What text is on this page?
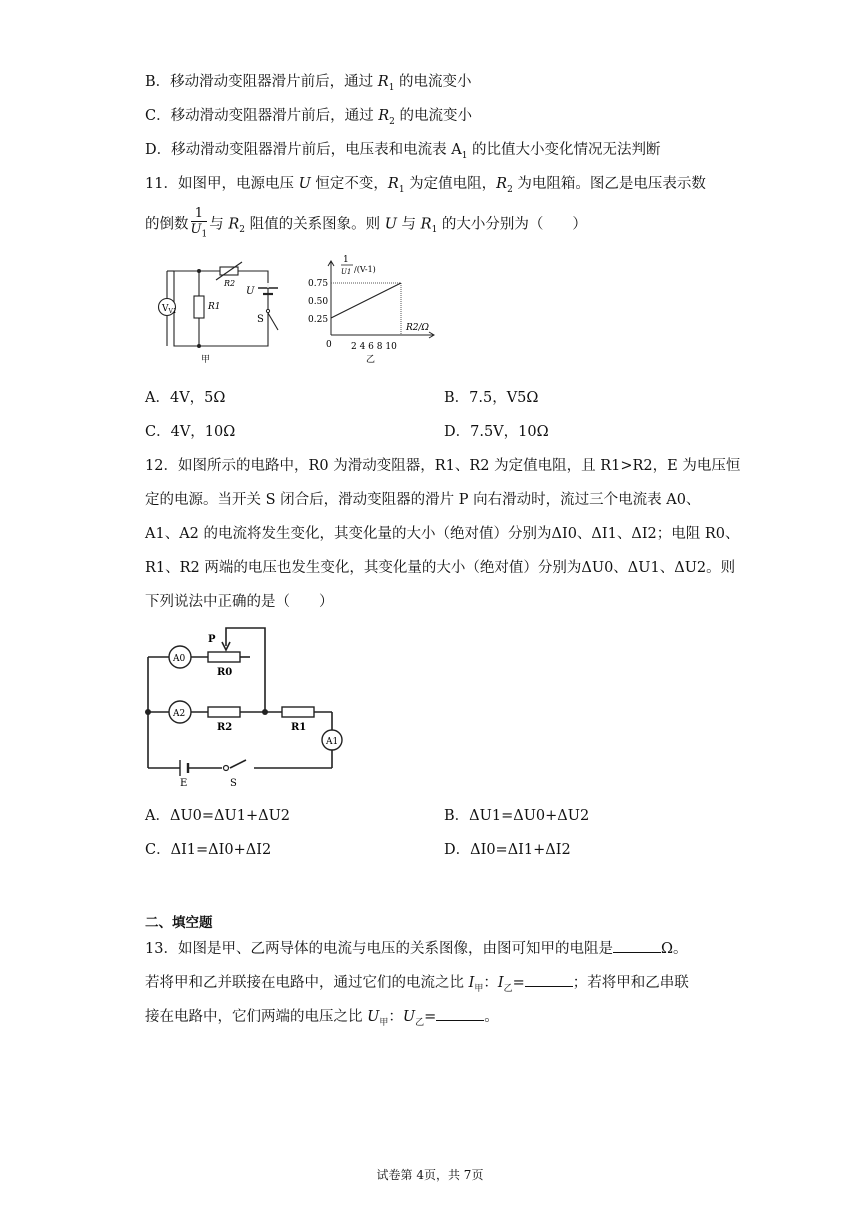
B．移动滑动变阻器滑片前后，通过 $R_1$ 的电流变小
C．移动滑动变阻器滑片前后，通过 $R_2$ 的电流变小
D．移动滑动变阻器滑片前后，电压表和电流表 $A_1$ 的比值大小变化情况无法判断
11．如图甲，电源电压 U 恒定不变，$R_1$ 为定值电阻，$R_2$ 为电阻箱。图乙是电压表示数
的倒数 $\frac{1}{U_1}$ 与 $R_2$ 阻值的关系图象。则 U 与 $R_1$ 的大小分别为（　　）
$V_{V1}$	R1
R2
U
S
甲
1
U1 /(V-1)
0.75
0.50
0.25
0 2 4 6 8 10
R2/Ω
乙
A．4V，5Ω	B．7.5，V5Ω
C．4V，10Ω	D．7.5V，10Ω
12．如图所示的电路中，R0 为滑动变阻器，R1、R2 为定值电阻，且 R1>R2，E 为电压恒
定的电源。当开关 S 闭合后，滑动变阻器的滑片 P 向右滑动时，流过三个电流表 A0、
A1、A2 的电流将发生变化，其变化量的大小（绝对值）分别为ΔI0、ΔI1、ΔI2；电阻 R0、
R1、R2 两端的电压也发生变化，其变化量的大小（绝对值）分别为ΔU0、ΔU1、ΔU2。则
下列说法中正确的是（　　）
P
A0
R0
A2
R2	R1
A1
E	S
A．ΔU0=ΔU1+ΔU2	B．ΔU1=ΔU0+ΔU2
C．ΔI1=ΔI0+ΔI2	D．ΔI0=ΔI1+ΔI2
二、填空题
13．如图是甲、乙两导体的电流与电压的关系图像，由图可知甲的电阻是	Ω。
若将甲和乙并联接在电路中，通过它们的电流之比 $I_甲$：$I_乙=$	；若将甲和乙串联
接在电路中，它们两端的电压之比 $U_甲$：$U_乙=$	。
试卷第 4页，共 7页
